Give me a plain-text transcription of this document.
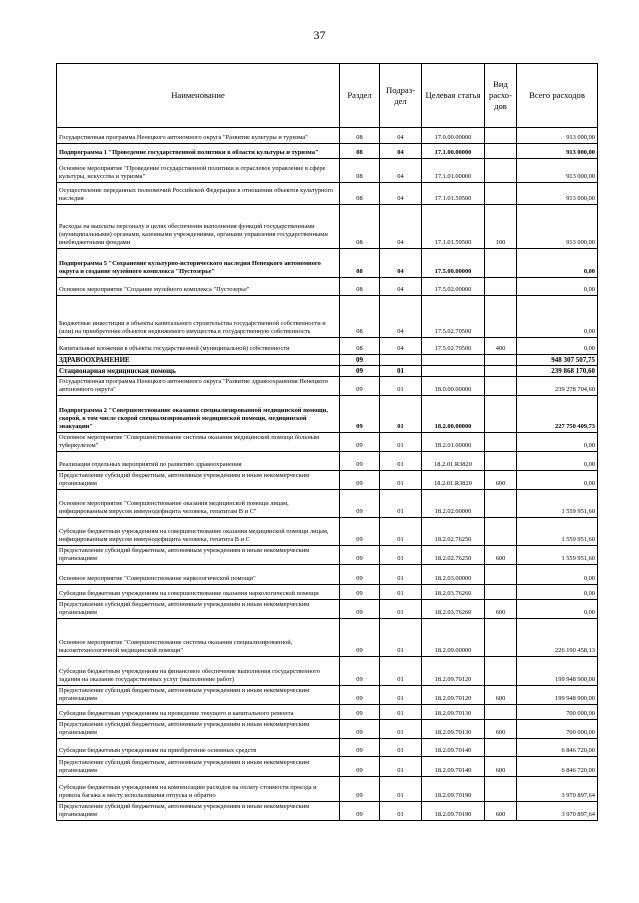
37
Наименование	Раздел	Подраз-дел	Целевая статья	Вид расхо-дов	Всего расходов
Государственная программа Ненецкого автономного округа "Развитие культуры и туризма"	08	04	17.0.00.00000		913 000,00
Подпрограмма 1 "Проведение государственной политики в области культуры и туризма"	08	04	17.1.00.00000		913 000,00
Основное мероприятие "Проведение государственной политики и отраслевое управление в сфере культуры, искусства и туризма"	08	04	17.1.01.00000		913 000,00
Осуществление переданных полномочий Российской Федерации в отношении объектов культурного наследия	08	04	17.1.01.59500		913 000,00
Расходы на выплаты персоналу в целях обеспечения выполнения функций государственными (муниципальными) органами, казенными учреждениями, органами управления государственными внебюджетными фондами	08	04	17.1.01.59500	100	913 000,00
Подпрограмма 5 "Сохранение культурно-исторического наследия Ненецкого автономного округа и создание музейного комплекса "Пустозерье"	08	04	17.5.00.00000		0,00
Основное мероприятие "Создание музейного комплекса "Пустозерье"	08	04	17.5.02.00000		0,00
Бюджетные инвестиции в объекты капитального строительства государственной собственности и (или) на приобретение объектов недвижимого имущества в государственную собственность	08	04	17.5.02.70500		0,00
Капитальные вложения в объекты государственной (муниципальной) собственности	08	04	17.5.02.70500	400	0,00
ЗДРАВООХРАНЕНИЕ	09				948 307 507,75
Стационарная медицинская помощь	09	01			239 868 170,60
Государственная программа Ненецкого автономного округа "Развитие здравоохранения Ненецкого автономного округа"	09	01	18.0.00.00000		239 278 704,60
Подпрограмма 2 "Совершенствование оказания специализированной медицинской помощи, скорой, в том числе скорой специализированной медицинской помощи, медицинской эвакуации"	09	01	18.2.00.00000		227 750 409,73
Основное мероприятие "Совершенствование системы оказания медицинской помощи больным туберкулезом"	09	01	18.2.01.00000		0,00
Реализация отдельных мероприятий по развитию здравоохранения	09	01	18.2.01.R3820		0,00
Предоставление субсидий бюджетным, автономным учреждениям и иным некоммерческим организациям	09	01	18.2.01.R3820	600	0,00
Основное мероприятие "Совершенствование оказания медицинской помощи лицам, инфицированным вирусом иммунодефицита человека, гепатитам В и С"	09	01	18.2.02.00000		1 559 951,60
Субсидии бюджетным учреждениям на совершенствование оказания медицинской помощи лицам, инфицированным вирусом иммунодефицита человека, гепатита В и С	09	01	18.2.02.76250		1 559 951,60
Предоставление субсидий бюджетным, автономным учреждениям и иным некоммерческим организациям	09	01	18.2.02.76250	600	1 559 951,60
Основное мероприятие "Совершенствование наркологической помощи"	09	01	18.2.03.00000		0,00
Субсидии бюджетным учреждениям на совершенствование оказания наркологической помощи	09	01	18.2.03.76260		0,00
Предоставление субсидий бюджетным, автономным учреждениям и иным некоммерческим организациям	09	01	18.2.03.76260	600	0,00
Основное мероприятие "Совершенствование системы оказания специализированной, высокотехнологичной медицинской помощи"	09	01	18.2.09.00000		226 190 458,13
Субсидии бюджетным учреждениям на финансовое обеспечение выполнения государственного задания на оказание государственных услуг (выполнение работ)	09	01	18.2.09.70120		199 948 900,00
Предоставление субсидий бюджетным, автономным учреждениям и иным некоммерческим организациям	09	01	18.2.09.70120	600	199 948 900,00
Субсидии бюджетным учреждениям на проведение текущего и капитального ремонта	09	01	18.2.09.70130		700 000,00
Предоставление субсидий бюджетным, автономным учреждениям и иным некоммерческим организациям	09	01	18.2.09.70130	600	700 000,00
Субсидии бюджетным учреждениям на приобретение основных средств	09	01	18.2.09.70140		6 846 720,00
Предоставление субсидий бюджетным, автономным учреждениям и иным некоммерческим организациям	09	01	18.2.09.70140	600	6 846 720,00
Субсидии бюджетным учреждениям на компенсацию расходов на оплату стоимости проезда и провоза багажа к месту использования отпуска и обратно	09	01	18.2.09.70190		3 970 897,64
Предоставление субсидий бюджетным, автономным учреждениям и иным некоммерческим организациям	09	01	18.2.09.70190	600	3 970 897,64
